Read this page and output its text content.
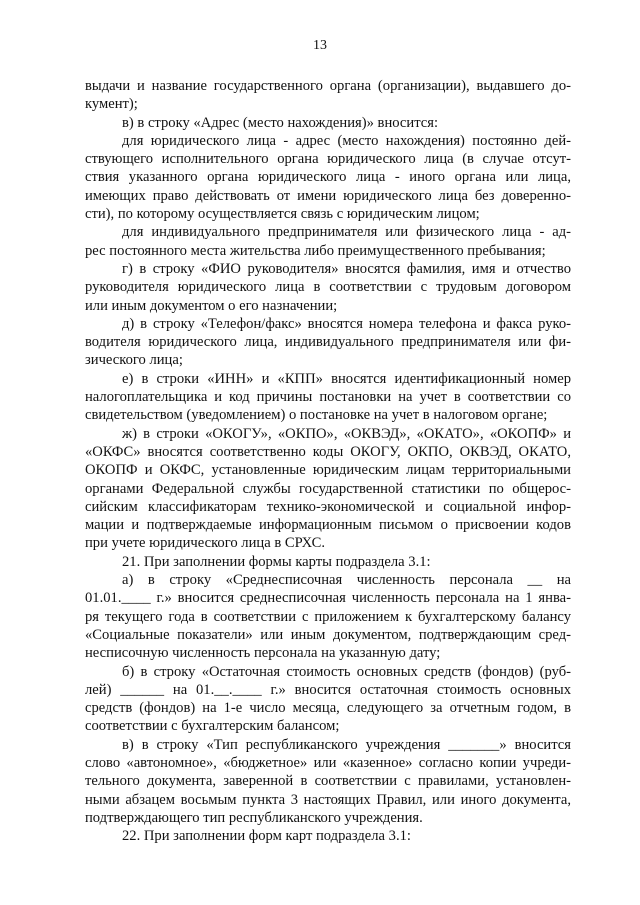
13
выдачи и название государственного органа (организации), выдавшего до-
кумент);
в) в строку «Адрес (место нахождения)» вносится:
для юридического лица - адрес (место нахождения) постоянно дей-
ствующего исполнительного органа юридического лица (в случае отсут-
ствия указанного органа юридического лица - иного органа или лица,
имеющих право действовать от имени юридического лица без доверенно-
сти), по которому осуществляется связь с юридическим лицом;
для индивидуального предпринимателя или физического лица - ад-
рес постоянного места жительства либо преимущественного пребывания;
г) в строку «ФИО руководителя» вносятся фамилия, имя и отчество
руководителя юридического лица в соответствии с трудовым договором
или иным документом о его назначении;
д) в строку «Телефон/факс» вносятся номера телефона и факса руко-
водителя юридического лица, индивидуального предпринимателя или фи-
зического лица;
е) в строки «ИНН» и «КПП» вносятся идентификационный номер
налогоплательщика и код причины постановки на учет в соответствии со
свидетельством (уведомлением) о постановке на учет в налоговом органе;
ж) в строки «ОКОГУ», «ОКПО», «ОКВЭД», «ОКАТО», «ОКОПФ» и
«ОКФС» вносятся соответственно коды ОКОГУ, ОКПО, ОКВЭД, ОКАТО,
ОКОПФ и ОКФС, установленные юридическим лицам территориальными
органами Федеральной службы государственной статистики по общерос-
сийским классификаторам технико-экономической и социальной инфор-
мации и подтверждаемые информационным письмом о присвоении кодов
при учете юридического лица в СРХС.
21. При заполнении формы карты подраздела 3.1:
а) в строку «Среднесписочная численность персонала __ на
01.01.____ г.» вносится среднесписочная численность персонала на 1 янва-
ря текущего года в соответствии с приложением к бухгалтерскому балансу
«Социальные показатели» или иным документом, подтверждающим сред-
несписочную численность персонала на указанную дату;
б) в строку «Остаточная стоимость основных средств (фондов) (руб-
лей) ______ на 01.__.____ г.» вносится остаточная стоимость основных
средств (фондов) на 1-е число месяца, следующего за отчетным годом, в
соответствии с бухгалтерским балансом;
в) в строку «Тип республиканского учреждения _______» вносится
слово «автономное», «бюджетное» или «казенное» согласно копии учреди-
тельного документа, заверенной в соответствии с правилами, установлен-
ными абзацем восьмым пункта 3 настоящих Правил, или иного документа,
подтверждающего тип республиканского учреждения.
22. При заполнении форм карт подраздела 3.1:
